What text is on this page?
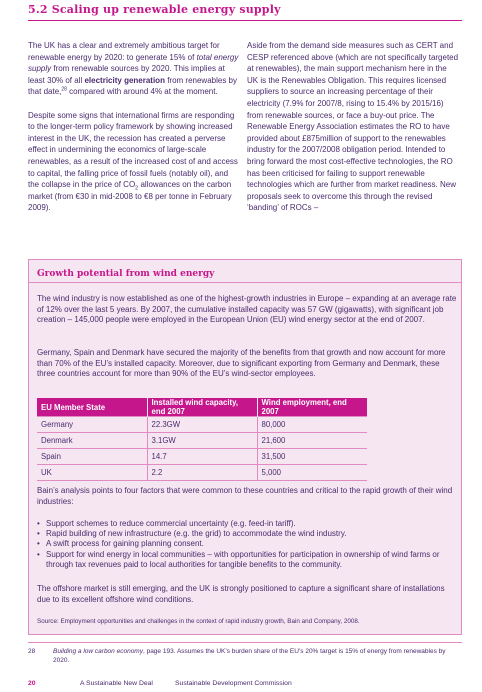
5.2 Scaling up renewable energy supply

The UK has a clear and extremely ambitious target for renewable energy by 2020: to generate 15% of total energy supply from renewable sources by 2020. This implies at least 30% of all electricity generation from renewables by that date,$^{28}$ compared with around 4% at the moment.

Despite some signs that international firms are responding to the longer-term policy framework by showing increased interest in the UK, the recession has created a perverse effect in undermining the economics of large-scale renewables, as a result of the increased cost of and access to capital, the falling price of fossil fuels (notably oil), and the collapse in the price of $CO_2$ allowances on the carbon market (from €30 in mid-2008 to €8 per tonne in February 2009).

Aside from the demand side measures such as CERT and CESP referenced above (which are not specifically targeted at renewables), the main support mechanism here in the UK is the Renewables Obligation. This requires licensed suppliers to source an increasing percentage of their electricity (7.9% for 2007/8, rising to 15.4% by 2015/16) from renewable sources, or face a buy-out price. The Renewable Energy Association estimates the RO to have provided about £875million of support to the renewables industry for the 2007/2008 obligation period. Intended to bring forward the most cost-effective technologies, the RO has been criticised for failing to support renewable technologies which are further from market readiness. New proposals seek to overcome this through the revised ‘banding’ of ROCs –

Growth potential from wind energy
The wind industry is now established as one of the highest-growth industries in Europe – expanding at an average rate of 12% over the last 5 years. By 2007, the cumulative installed capacity was 57 GW (gigawatts), with significant job creation – 145,000 people were employed in the European Union (EU) wind energy sector at the end of 2007.
Germany, Spain and Denmark have secured the majority of the benefits from that growth and now account for more than 70% of the EU’s installed capacity. Moreover, due to significant exporting from Germany and Denmark, these three countries account for more than 90% of the EU’s wind-sector employees.
EU Member State	Installed wind capacity, end 2007	Wind employment, end 2007
Germany	22.3GW	80,000
Denmark	3.1GW	21,600
Spain	14.7	31,500
UK	2.2	5,000
Bain’s analysis points to four factors that were common to these countries and critical to the rapid growth of their wind industries:
• Support schemes to reduce commercial uncertainty (e.g. feed-in tariff).
• Rapid building of new infrastructure (e.g. the grid) to accommodate the wind industry.
• A swift process for gaining planning consent.
• Support for wind energy in local communities – with opportunities for participation in ownership of wind farms or through tax revenues paid to local authorities for tangible benefits to the community.
The offshore market is still emerging, and the UK is strongly positioned to capture a significant share of installations due to its excellent offshore wind conditions.
Source: Employment opportunities and challenges in the context of rapid industry growth, Bain and Company, 2008.
28	Building a low carbon economy, page 193. Assumes the UK’s burden share of the EU’s 20% target is 15% of energy from renewables by 2020.
20	A Sustainable New Deal	Sustainable Development Commission
